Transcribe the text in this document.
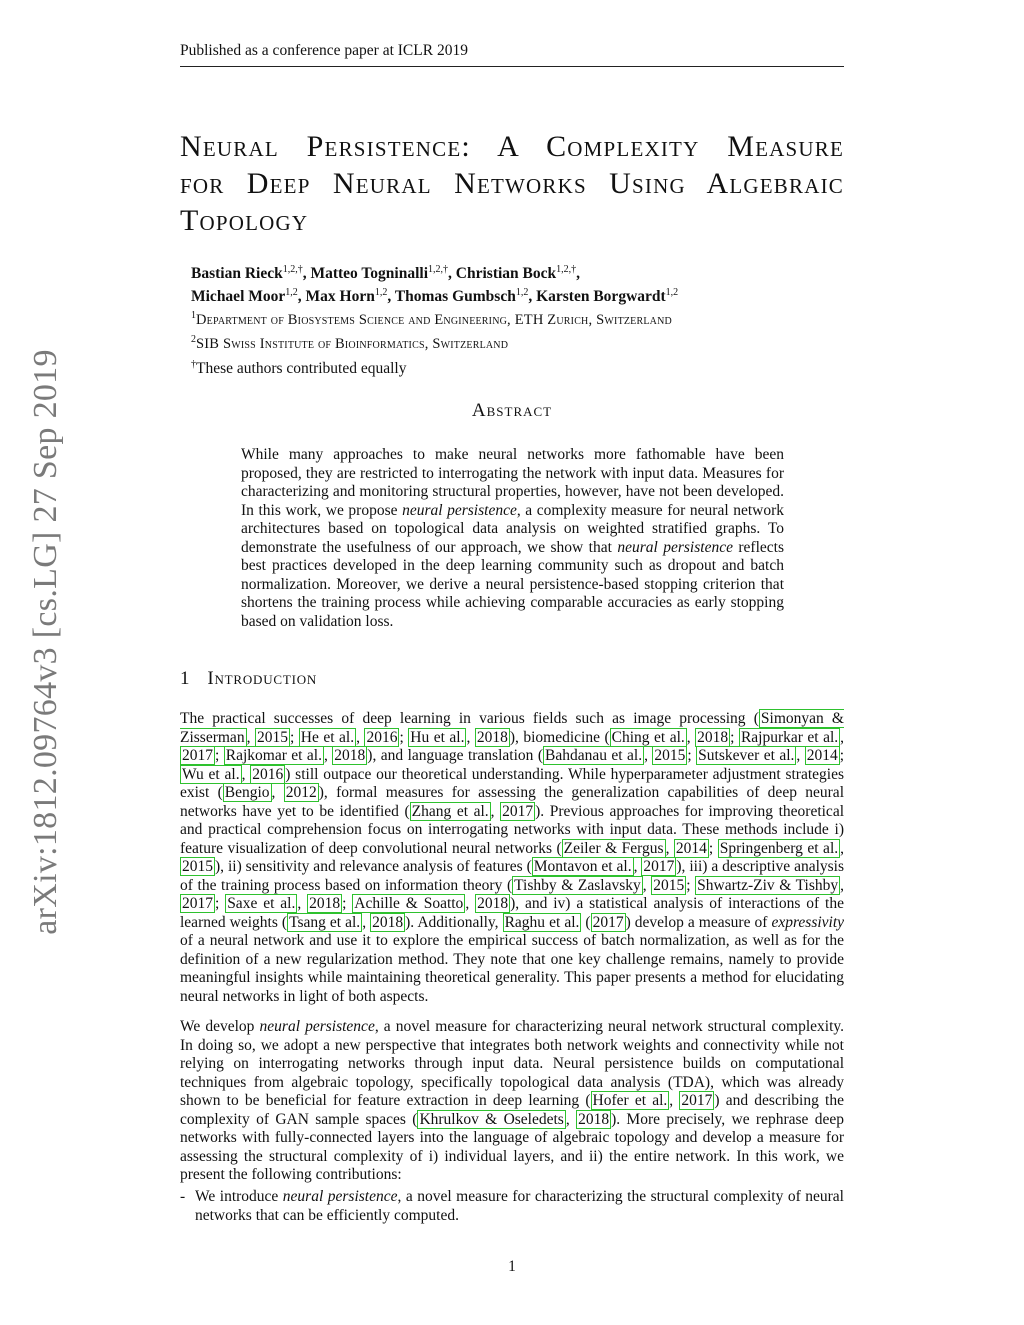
Published as a conference paper at ICLR 2019
arXiv:1812.09764v3 [cs.LG] 27 Sep 2019
Neural Persistence: A Complexity Measure
for Deep Neural Networks Using Algebraic
Topology
Bastian Rieck$^{1,2,\dagger}$, Matteo Togninalli$^{1,2,\dagger}$, Christian Bock$^{1,2,\dagger}$,
Michael Moor$^{1,2}$, Max Horn$^{1,2}$, Thomas Gumbsch$^{1,2}$, Karsten Borgwardt$^{1,2}$
$^1$Department of Biosystems Science and Engineering, ETH Zurich, Switzerland
$^2$SIB Swiss Institute of Bioinformatics, Switzerland
†These authors contributed equally
Abstract
While many approaches to make neural networks more fathomable have been proposed, they are restricted to interrogating the network with input data. Measures for characterizing and monitoring structural properties, however, have not been developed. In this work, we propose neural persistence, a complexity measure for neural network architectures based on topological data analysis on weighted stratified graphs. To demonstrate the usefulness of our approach, we show that neural persistence reflects best practices developed in the deep learning community such as dropout and batch normalization. Moreover, we derive a neural persistence-based stopping criterion that shortens the training process while achieving comparable accuracies as early stopping based on validation loss.
1 Introduction

The practical successes of deep learning in various fields such as image processing ( Simonyan & Zisserman , 2015 ; He et al. , 2016 ; Hu et al. , 2018 ), biomedicine ( Ching et al. , 2018 ; Rajpurkar et al. , 2017 ; Rajkomar et al. , 2018 ), and language translation ( Bahdanau et al. , 2015 ; Sutskever et al. , 2014 ; Wu et al. , 2016 ) still outpace our theoretical understanding. While hyperparameter adjustment strategies exist ( Bengio , 2012 ), formal measures for assessing the generalization capabilities of deep neural networks have yet to be identified ( Zhang et al. , 2017 ). Previous approaches for improving theoretical and practical comprehension focus on interrogating networks with input data. These methods include i) feature visualization of deep convolutional neural networks ( Zeiler & Fergus , 2014 ; Springenberg et al. , 2015 ), ii) sensitivity and relevance analysis of features ( Montavon et al. , 2017 ), iii) a descriptive analysis of the training process based on information theory ( Tishby & Zaslavsky , 2015 ; Shwartz-Ziv & Tishby , 2017 ; Saxe et al. , 2018 ; Achille & Soatto , 2018 ), and iv) a statistical analysis of interactions of the learned weights ( Tsang et al. , 2018 ). Additionally, Raghu et al. ( 2017 ) develop a measure of expressivity of a neural network and use it to explore the empirical success of batch normalization, as well as for the definition of a new regularization method. They note that one key challenge remains, namely to provide meaningful insights while maintaining theoretical generality. This paper presents a method for elucidating neural networks in light of both aspects.

We develop neural persistence, a novel measure for characterizing neural network structural complexity. In doing so, we adopt a new perspective that integrates both network weights and connectivity while not relying on interrogating networks through input data. Neural persistence builds on computational techniques from algebraic topology, specifically topological data analysis (TDA), which was already shown to be beneficial for feature extraction in deep learning ( Hofer et al. , 2017 ) and describing the complexity of GAN sample spaces ( Khrulkov & Oseledets , 2018 ). More precisely, we rephrase deep networks with fully-connected layers into the language of algebraic topology and develop a measure for assessing the structural complexity of i) individual layers, and ii) the entire network. In this work, we present the following contributions:

- We introduce neural persistence, a novel measure for characterizing the structural complexity of neural networks that can be efficiently computed.
1
